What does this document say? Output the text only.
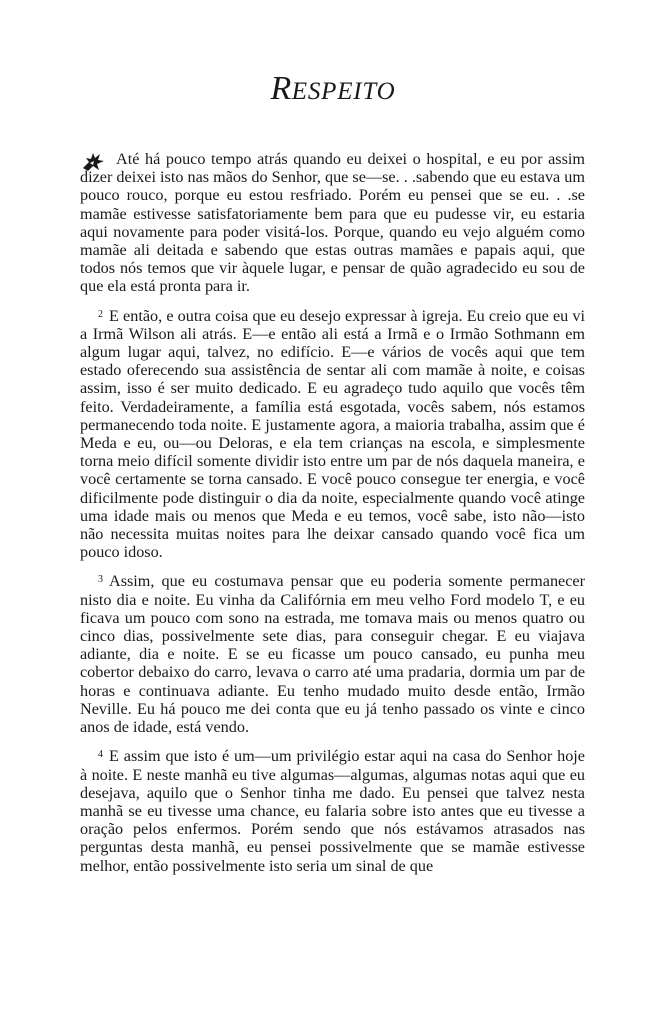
RESPEITO

Até há pouco tempo atrás quando eu deixei o hospital, e eu por assim dizer deixei isto nas mãos do Senhor, que se—se. . .sabendo que eu estava um pouco rouco, porque eu estou resfriado. Porém eu pensei que se eu. . .se mamãe estivesse satisfatoriamente bem para que eu pudesse vir, eu estaria aqui novamente para poder visitá-los. Porque, quando eu vejo alguém como mamãe ali deitada e sabendo que estas outras mamães e papais aqui, que todos nós temos que vir àquele lugar, e pensar de quão agradecido eu sou de que ela está pronta para ir.

$^2$ E então, e outra coisa que eu desejo expressar à igreja. Eu creio que eu vi a Irmã Wilson ali atrás. E—e então ali está a Irmã e o Irmão Sothmann em algum lugar aqui, talvez, no edifício. E—e vários de vocês aqui que tem estado oferecendo sua assistência de sentar ali com mamãe à noite, e coisas assim, isso é ser muito dedicado. E eu agradeço tudo aquilo que vocês têm feito. Verdadeiramente, a família está esgotada, vocês sabem, nós estamos permanecendo toda noite. E justamente agora, a maioria trabalha, assim que é Meda e eu, ou—ou Deloras, e ela tem crianças na escola, e simplesmente torna meio difícil somente dividir isto entre um par de nós daquela maneira, e você certamente se torna cansado. E você pouco consegue ter energia, e você dificilmente pode distinguir o dia da noite, especialmente quando você atinge uma idade mais ou menos que Meda e eu temos, você sabe, isto não—isto não necessita muitas noites para lhe deixar cansado quando você fica um pouco idoso.

$^3$ Assim, que eu costumava pensar que eu poderia somente permanecer nisto dia e noite. Eu vinha da Califórnia em meu velho Ford modelo T, e eu ficava um pouco com sono na estrada, me tomava mais ou menos quatro ou cinco dias, possivelmente sete dias, para conseguir chegar. E eu viajava adiante, dia e noite. E se eu ficasse um pouco cansado, eu punha meu cobertor debaixo do carro, levava o carro até uma pradaria, dormia um par de horas e continuava adiante. Eu tenho mudado muito desde então, Irmão Neville. Eu há pouco me dei conta que eu já tenho passado os vinte e cinco anos de idade, está vendo.

$^4$ E assim que isto é um—um privilégio estar aqui na casa do Senhor hoje à noite. E neste manhã eu tive algumas—algumas, algumas notas aqui que eu desejava, aquilo que o Senhor tinha me dado. Eu pensei que talvez nesta manhã se eu tivesse uma chance, eu falaria sobre isto antes que eu tivesse a oração pelos enfermos. Porém sendo que nós estávamos atrasados nas perguntas desta manhã, eu pensei possivelmente que se mamãe estivesse melhor, então possivelmente isto seria um sinal de que
